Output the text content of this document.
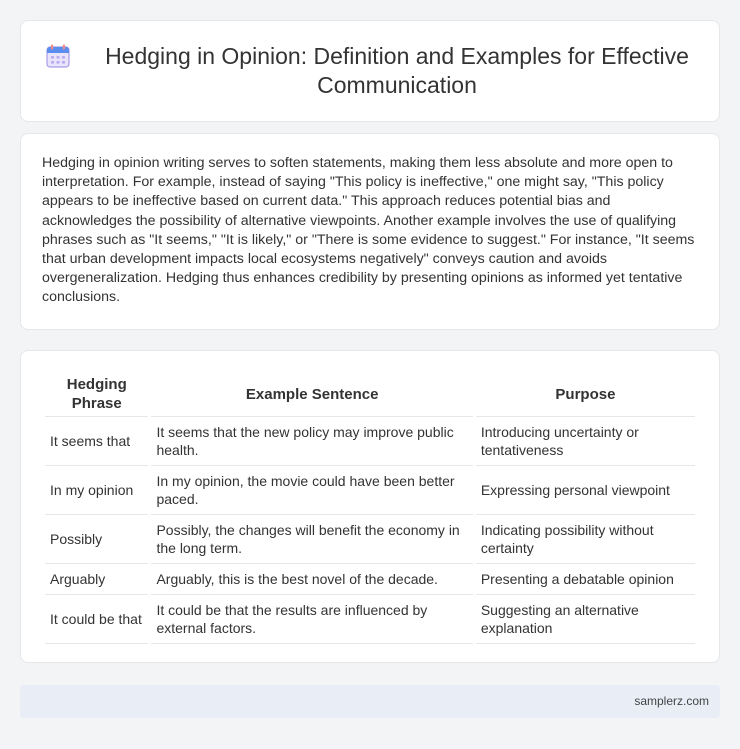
Hedging in Opinion: Definition and Examples for Effective Communication

Hedging in opinion writing serves to soften statements, making them less absolute and more open to interpretation. For example, instead of saying "This policy is ineffective," one might say, "This policy appears to be ineffective based on current data." This approach reduces potential bias and acknowledges the possibility of alternative viewpoints. Another example involves the use of qualifying phrases such as "It seems," "It is likely," or "There is some evidence to suggest." For instance, "It seems that urban development impacts local ecosystems negatively" conveys caution and avoids overgeneralization. Hedging thus enhances credibility by presenting opinions as informed yet tentative conclusions.

Hedging Phrase	Example Sentence	Purpose
It seems that	It seems that the new policy may improve public health.	Introducing uncertainty or tentativeness
In my opinion	In my opinion, the movie could have been better paced.	Expressing personal viewpoint
Possibly	Possibly, the changes will benefit the economy in the long term.	Indicating possibility without certainty
Arguably	Arguably, this is the best novel of the decade.	Presenting a debatable opinion
It could be that	It could be that the results are influenced by external factors.	Suggesting an alternative explanation
samplerz.com
